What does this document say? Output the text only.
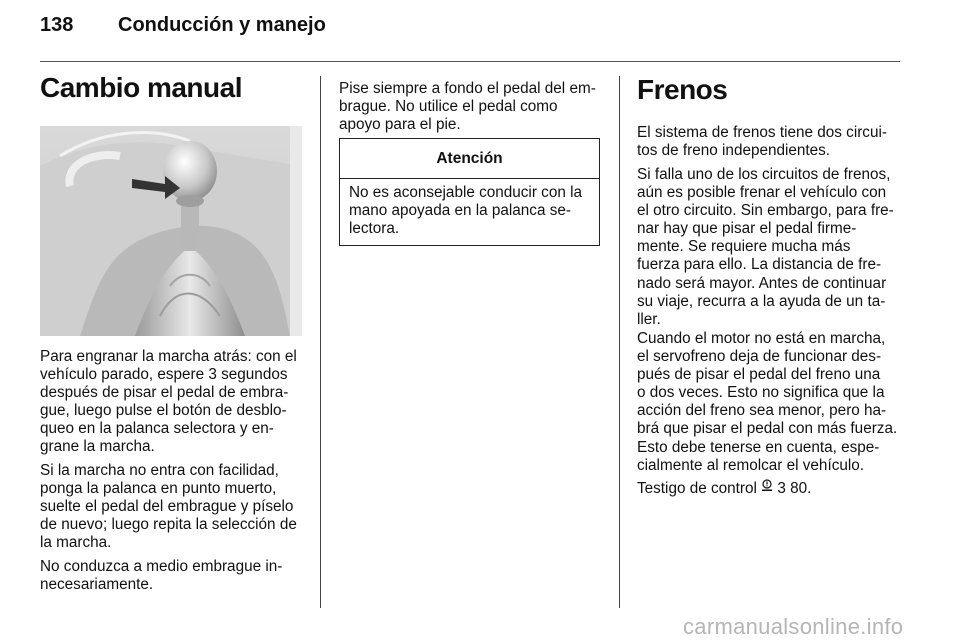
138 Conducción y manejo
Cambio manual
Para engranar la marcha atrás: con el
vehículo parado, espere 3 segundos
después de pisar el pedal de embra-
gue, luego pulse el botón de desblo-
queo en la palanca selectora y en-
grane la marcha.
Si la marcha no entra con facilidad,
ponga la palanca en punto muerto,
suelte el pedal del embrague y píselo
de nuevo; luego repita la selección de
la marcha.
No conduzca a medio embrague in-
necesariamente.
Pise siempre a fondo el pedal del em-
brague. No utilice el pedal como
apoyo para el pie.
Atención
No es aconsejable conducir con la
mano apoyada en la palanca se-
lectora.
Frenos
El sistema de frenos tiene dos circui-
tos de freno independientes.
Si falla uno de los circuitos de frenos,
aún es posible frenar el vehículo con
el otro circuito. Sin embargo, para fre-
nar hay que pisar el pedal firme-
mente. Se requiere mucha más
fuerza para ello. La distancia de fre-
nado será mayor. Antes de continuar
su viaje, recurra a la ayuda de un ta-
ller.
Cuando el motor no está en marcha,
el servofreno deja de funcionar des-
pués de pisar el pedal del freno una
o dos veces. Esto no significa que la
acción del freno sea menor, pero ha-
brá que pisar el pedal con más fuerza.
Esto debe tenerse en cuenta, espe-
cialmente al remolcar el vehículo.
Testigo de control 3 80.
carmanualsonline.info
